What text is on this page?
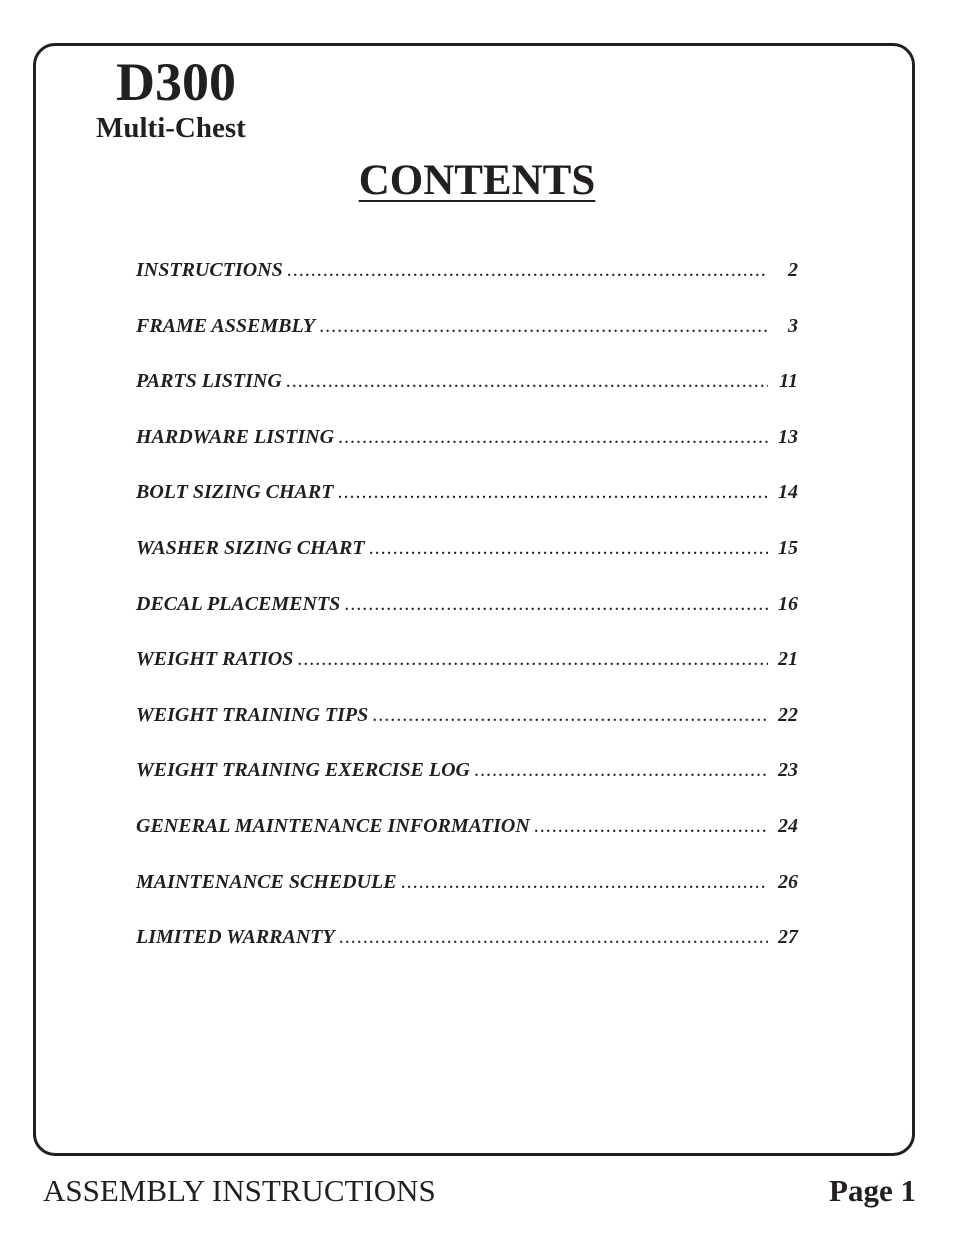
D300
Multi-Chest
CONTENTS
INSTRUCTIONS .....	2
FRAME ASSEMBLY .....	3
PARTS LISTING .....	11
HARDWARE LISTING .....	13
BOLT SIZING CHART .....	14
WASHER SIZING CHART .....	15
DECAL PLACEMENTS .....	16
WEIGHT RATIOS .....	21
WEIGHT TRAINING TIPS .....	22
WEIGHT TRAINING EXERCISE LOG .....	23
GENERAL MAINTENANCE INFORMATION .....	24
MAINTENANCE SCHEDULE .....	26
LIMITED WARRANTY .....	27
ASSEMBLY INSTRUCTIONS	Page 1
